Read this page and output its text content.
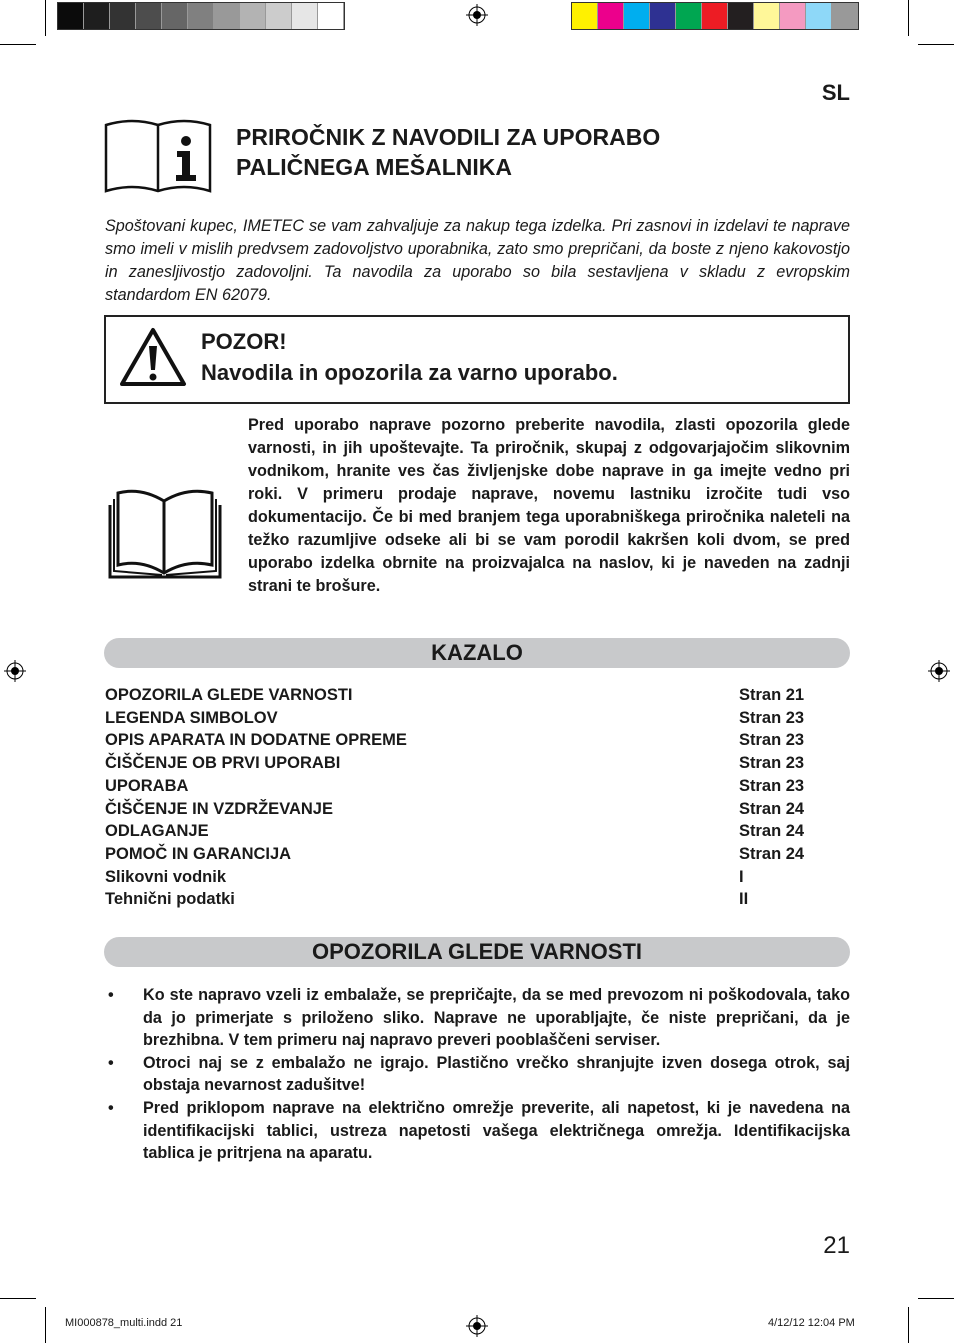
SL
PRIROČNIK Z NAVODILI ZA UPORABO
PALIČNEGA MEŠALNIKA
Spoštovani kupec, IMETEC se vam zahvaljuje za nakup tega izdelka. Pri zasnovi in izdelavi te naprave smo imeli v mislih predvsem zadovoljstvo uporabnika, zato smo prepričani, da boste z njeno kakovostjo in zanesljivostjo zadovoljni. Ta navodila za uporabo so bila sestavljena v skladu z evropskim standardom EN 62079.
POZOR!
Navodila in opozorila za varno uporabo.
Pred uporabo naprave pozorno preberite navodila, zlasti opozorila glede varnosti, in jih upoštevajte. Ta priročnik, skupaj z odgovarjajočim slikovnim vodnikom, hranite ves čas življenjske dobe naprave in ga imejte vedno pri roki. V primeru prodaje naprave, novemu lastniku izročite tudi vso dokumentacijo. Če bi med branjem tega uporabniškega priročnika naleteli na težko razumljive odseke ali bi se vam porodil kakršen koli dvom, se pred uporabo izdelka obrnite na proizvajalca na naslov, ki je naveden na zadnji strani te brošure.
KAZALO
OPOZORILA GLEDE VARNOSTI	Stran 21
LEGENDA SIMBOLOV	Stran 23
OPIS APARATA IN DODATNE OPREME	Stran 23
ČIŠČENJE OB PRVI UPORABI	Stran 23
UPORABA	Stran 23
ČIŠČENJE IN VZDRŽEVANJE	Stran 24
ODLAGANJE	Stran 24
POMOČ IN GARANCIJA	Stran 24
Slikovni vodnik	I
Tehnični podatki	II
OPOZORILA GLEDE VARNOSTI
•	Ko ste napravo vzeli iz embalaže, se prepričajte, da se med prevozom ni poškodovala, tako da jo primerjate s priloženo sliko. Naprave ne uporabljajte, če niste prepričani, da je brezhibna. V tem primeru naj napravo preveri pooblaščeni serviser.
•	Otroci naj se z embalažo ne igrajo. Plastično vrečko shranjujte izven dosega otrok, saj obstaja nevarnost zadušitve!
•	Pred priklopom naprave na električno omrežje preverite, ali napetost, ki je navedena na identifikacijski tablici, ustreza napetosti vašega električnega omrežja. Identifikacijska tablica je pritrjena na aparatu.
21
MI000878_multi.indd 21	4/12/12 12:04 PM
